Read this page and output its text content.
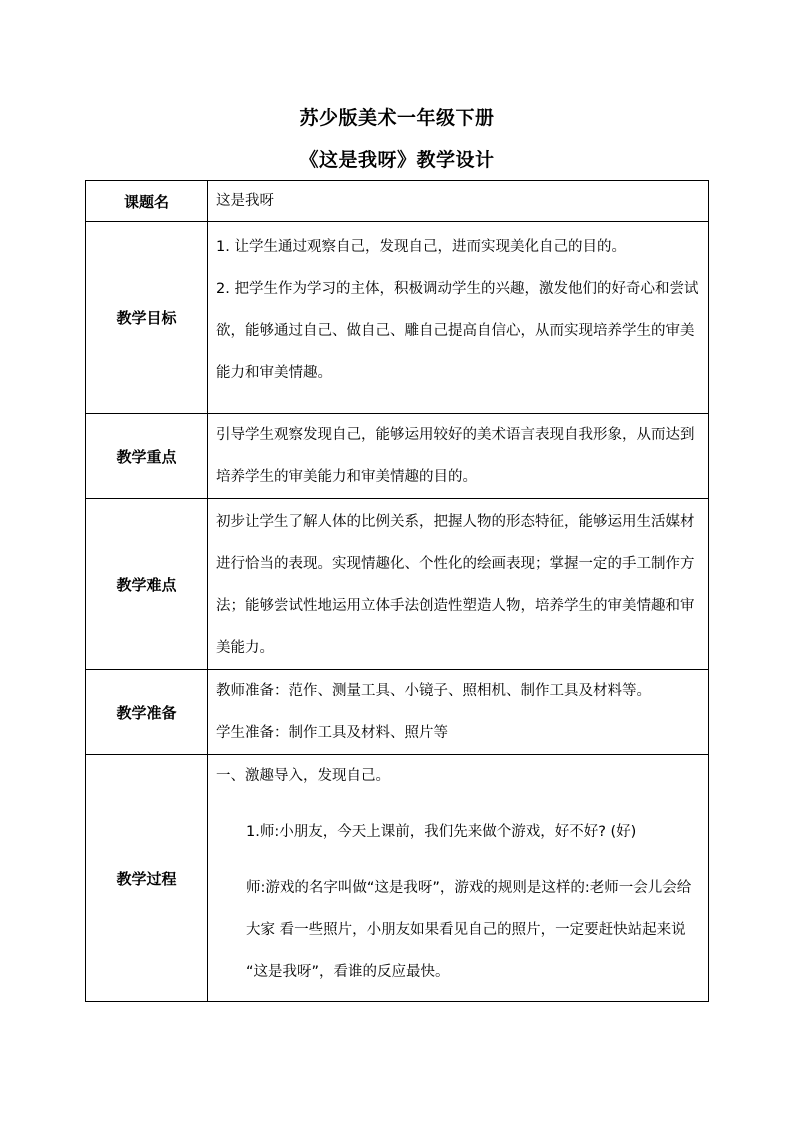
苏少版美术一年级下册
《这是我呀》教学设计
课题名	这是我呀
教学目标	1. 让学生通过观察自己，发现自己，进而实现美化自己的目的。
2. 把学生作为学习的主体，积极调动学生的兴趣，激发他们的好奇心和尝试欲，能够通过自己、做自己、雕自己提高自信心，从而实现培养学生的审美能力和审美情趣。

教学重点	引导学生观察发现自己，能够运用较好的美术语言表现自我形象，从而达到培养学生的审美能力和审美情趣的目的。
教学难点	初步让学生了解人体的比例关系，把握人物的形态特征，能够运用生活媒材进行恰当的表现。实现情趣化、个性化的绘画表现；掌握一定的手工制作方法；能够尝试性地运用立体手法创造性塑造人物，培养学生的审美情趣和审美能力。
教学准备	教师准备：范作、测量工具、小镜子、照相机、制作工具及材料等。
学生准备：制作工具及材料、照片等

教学过程	一、激趣导入，发现自己。
1.师:小朋友，今天上课前，我们先来做个游戏，好不好? (好)
师:游戏的名字叫做“这是我呀”，游戏的规则是这样的:老师一会儿会给大家 看一些照片，小朋友如果看见自己的照片，一定要赶快站起来说 “这是我呀”，看谁的反应最快。
